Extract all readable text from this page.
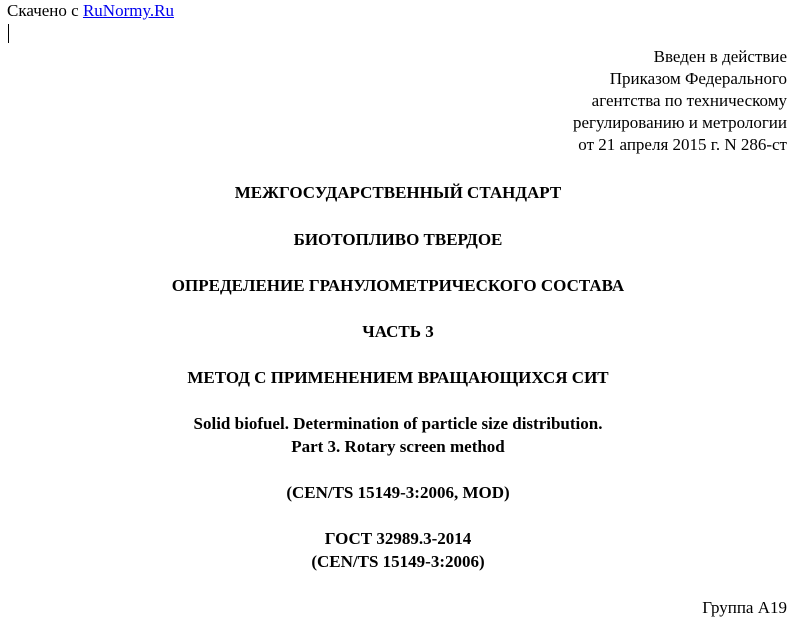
Скачено с RuNormy.Ru
Введен в действие
Приказом Федерального
агентства по техническому
регулированию и метрологии
от 21 апреля 2015 г. N 286-ст
МЕЖГОСУДАРСТВЕННЫЙ СТАНДАРТ
БИОТОПЛИВО ТВЕРДОЕ
ОПРЕДЕЛЕНИЕ ГРАНУЛОМЕТРИЧЕСКОГО СОСТАВА
ЧАСТЬ 3
МЕТОД С ПРИМЕНЕНИЕМ ВРАЩАЮЩИХСЯ СИТ
Solid biofuel. Determination of particle size distribution.
Part 3. Rotary screen method
(CEN/TS 15149-3:2006, MOD)
ГОСТ 32989.3-2014
(CEN/TS 15149-3:2006)
Группа А19
